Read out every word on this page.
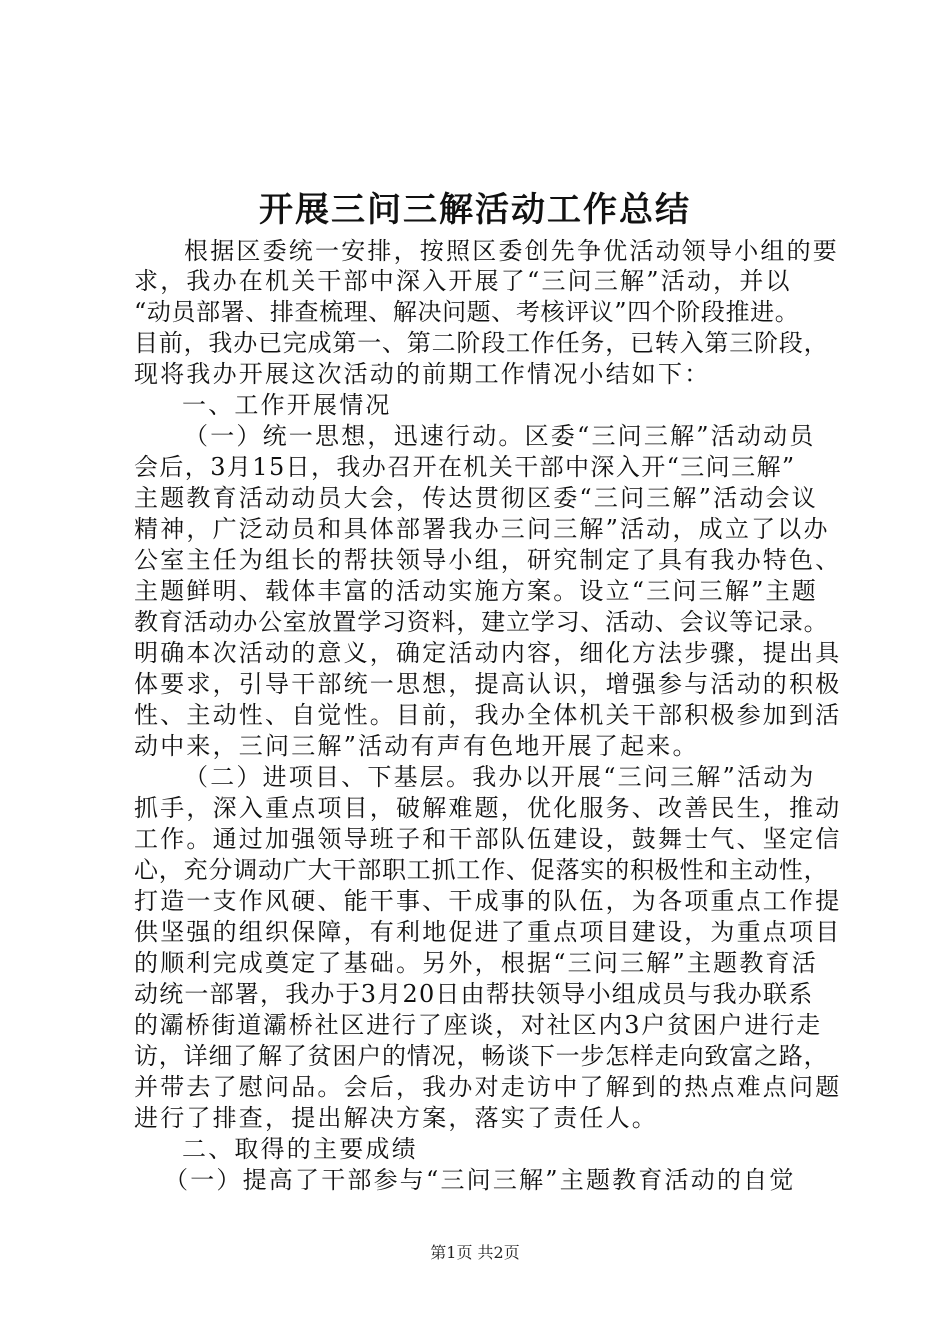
开展三问三解活动工作总结
根据区委统一安排，按照区委创先争优活动领导小组的要
求，我办在机关干部中深入开展了“三问三解”活动，并以
“动员部署、排查梳理、解决问题、考核评议”四个阶段推进。
目前，我办已完成第一、第二阶段工作任务，已转入第三阶段，
现将我办开展这次活动的前期工作情况小结如下：
一、工作开展情况
（一）统一思想，迅速行动。区委“三问三解”活动动员
会后，3月15日，我办召开在机关干部中深入开“三问三解”
主题教育活动动员大会，传达贯彻区委“三问三解”活动会议
精神，广泛动员和具体部署我办三问三解”活动，成立了以办
公室主任为组长的帮扶领导小组，研究制定了具有我办特色、
主题鲜明、载体丰富的活动实施方案。设立“三问三解”主题
教育活动办公室放置学习资料，建立学习、活动、会议等记录。
明确本次活动的意义，确定活动内容，细化方法步骤，提出具
体要求，引导干部统一思想，提高认识，增强参与活动的积极
性、主动性、自觉性。目前，我办全体机关干部积极参加到活
动中来，三问三解”活动有声有色地开展了起来。
（二）进项目、下基层。我办以开展“三问三解”活动为
抓手，深入重点项目，破解难题，优化服务、改善民生，推动
工作。通过加强领导班子和干部队伍建设，鼓舞士气、坚定信
心，充分调动广大干部职工抓工作、促落实的积极性和主动性，
打造一支作风硬、能干事、干成事的队伍，为各项重点工作提
供坚强的组织保障，有利地促进了重点项目建设，为重点项目
的顺利完成奠定了基础。另外，根据“三问三解”主题教育活
动统一部署，我办于3月20日由帮扶领导小组成员与我办联系
的灞桥街道灞桥社区进行了座谈，对社区内3户贫困户进行走
访，详细了解了贫困户的情况，畅谈下一步怎样走向致富之路，
并带去了慰问品。会后，我办对走访中了解到的热点难点问题
进行了排查，提出解决方案，落实了责任人。
二、取得的主要成绩
（一）提高了干部参与“三问三解”主题教育活动的自觉
第1页 共2页
